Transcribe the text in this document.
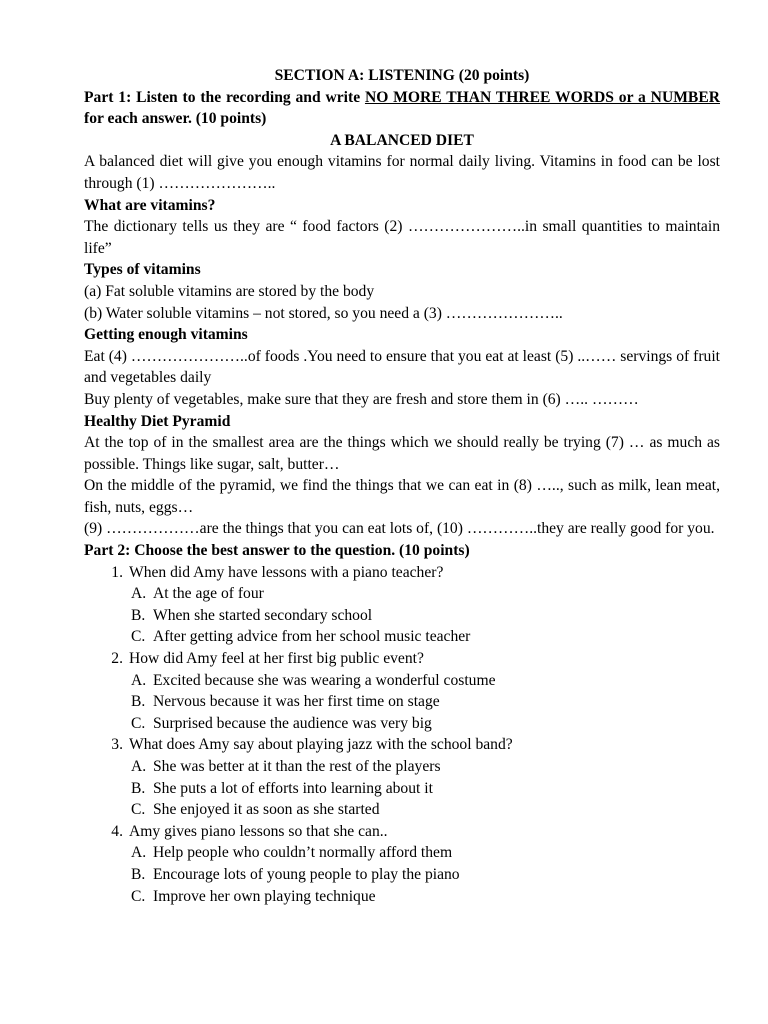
SECTION A: LISTENING (20 points)

Part 1: Listen to the recording and write NO MORE THAN THREE WORDS or a NUMBER for each answer. (10 points)

A BALANCED DIET

A balanced diet will give you enough vitamins for normal daily living. Vitamins in food can be lost through (1) …………………..

What are vitamins?

The dictionary tells us they are “ food factors (2) …………………..in small quantities to maintain life”

Types of vitamins

(a) Fat soluble vitamins are stored by the body

(b) Water soluble vitamins – not stored, so you need a (3) …………………..

Getting enough vitamins

Eat (4) …………………..of foods .You need to ensure that you eat at least (5) ..…… servings of fruit and vegetables daily

Buy plenty of vegetables, make sure that they are fresh and store them in (6) ….. ………

Healthy Diet Pyramid

At the top of in the smallest area are the things which we should really be trying (7) … as much as possible. Things like sugar, salt, butter…

On the middle of the pyramid, we find the things that we can eat in (8) ….., such as milk, lean meat, fish, nuts, eggs…

(9) ………………are the things that you can eat lots of, (10) …………..they are really good for you.

Part 2: Choose the best answer to the question. (10 points)

1. When did Amy have lessons with a piano teacher?
A. At the age of four
B. When she started secondary school
C. After getting advice from her school music teacher
2. How did Amy feel at her first big public event?
A. Excited because she was wearing a wonderful costume
B. Nervous because it was her first time on stage
C. Surprised because the audience was very big
3. What does Amy say about playing jazz with the school band?
A. She was better at it than the rest of the players
B. She puts a lot of efforts into learning about it
C. She enjoyed it as soon as she started
4. Amy gives piano lessons so that she can..
A. Help people who couldn’t normally afford them
B. Encourage lots of young people to play the piano
C. Improve her own playing technique
